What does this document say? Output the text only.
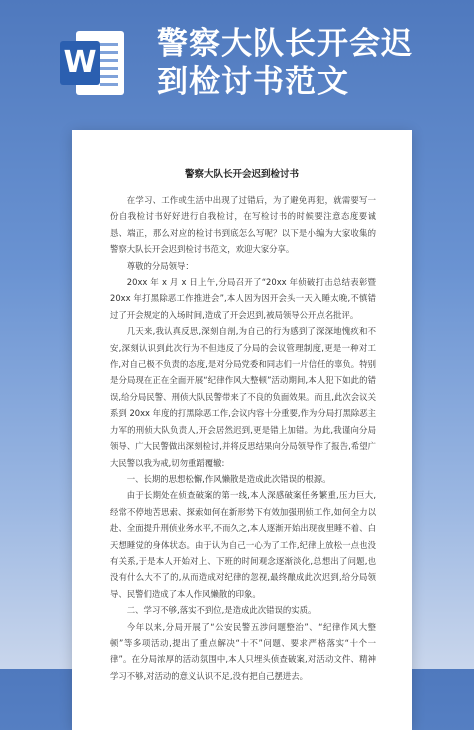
W
警察大队长开会迟
到检讨书范文
警察大队长开会迟到检讨书

在学习、工作或生活中出现了过错后，为了避免再犯，就需要写一份自我检讨书好好进行自我检讨，在写检讨书的时候要注意态度要诚恳、端正，那么对应的检讨书到底怎么写呢？以下是小编为大家收集的警察大队长开会迟到检讨书范文，欢迎大家分享。

尊敬的分局领导：

20xx 年 x 月 x 日上午,分局召开了“20xx 年侦破打击总结表彰暨 20xx 年打黑除恶工作推进会”,本人因为因开会头一天入睡太晚,不慎错过了开会规定的入场时间,造成了开会迟到,被局领导公开点名批评。

几天来,我认真反思,深刻自剖,为自己的行为感到了深深地愧疚和不安,深刻认识到此次行为不但违反了分局的会议管理制度,更是一种对工作,对自己极不负责的态度,是对分局党委和同志们一片信任的辜负。特别是分局现在正在全面开展“纪律作风大整顿”活动期间,本人犯下如此的错误,给分局民警、刑侦大队民警带来了不良的负面效果。而且,此次会议关系到 20xx 年度的打黑除恶工作,会议内容十分重要,作为分局打黑除恶主力军的刑侦大队负责人,开会居然迟到,更是错上加错。为此,我谨向分局领导、广大民警做出深刻检讨,并将反思结果向分局领导作了报告,希望广大民警以我为戒,切勿重蹈覆辙:

一、长期的思想松懈,作风懒散是造成此次错误的根源。

由于长期处在侦查破案的第一线,本人深感破案任务繁重,压力巨大,经常不停地苦思索、探索如何在新形势下有效加强刑侦工作,如何全力以赴、全面提升刑侦业务水平,不而久之,本人逐渐开始出现夜里睡不着、白天想睡觉的身体状态。由于认为自己一心为了工作,纪律上放松一点也没有关系,于是本人开始对上、下班的时间观念逐渐淡化,总想出了问题,也没有什么大不了的,从而造成对纪律的忽视,最终酿成此次迟到,给分局领导、民警们造成了本人作风懒散的印象。

二、学习不够,落实不到位,是造成此次错误的实质。

今年以来,分局开展了“公安民警五涉问题整治”、“纪律作风大整顿”等多项活动,提出了重点解决“十不”问题、要求严格落实“十个一律”。在分局浓厚的活动氛围中,本人只埋头侦查破案,对活动文件、精神学习不够,对活动的意义认识不足,没有把自己摆进去。
